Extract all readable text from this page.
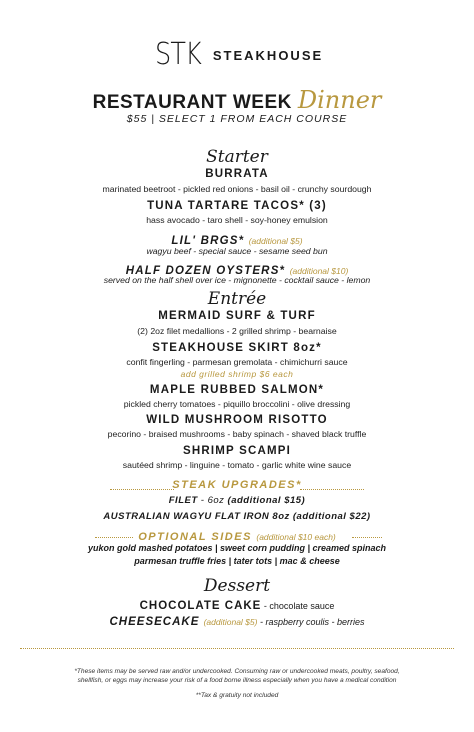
STK STEAKHOUSE
RESTAURANT WEEK Dinner
$55 | SELECT 1 FROM EACH COURSE
Starter
BURRATA
marinated beetroot - pickled red onions - basil oil - crunchy sourdough
TUNA TARTARE TACOS* (3)
hass avocado - taro shell - soy-honey emulsion
LIL' BRGS* (additional $5)
wagyu beef - special sauce - sesame seed bun
HALF DOZEN OYSTERS* (additional $10)
served on the half shell over ice - mignonette - cocktail sauce - lemon
Entrée
MERMAID SURF & TURF
(2) 2oz filet medallions - 2 grilled shrimp - bearnaise
STEAKHOUSE SKIRT 8oz*
confit fingerling - parmesan gremolata - chimichurri sauce
add grilled shrimp $6 each
MAPLE RUBBED SALMON*
pickled cherry tomatoes - piquillo broccolini - olive dressing
WILD MUSHROOM RISOTTO
pecorino - braised mushrooms - baby spinach - shaved black truffle
SHRIMP SCAMPI
sautéed shrimp - linguine - tomato - garlic white wine sauce
STEAK UPGRADES*
FILET - 6oz (additional $15)
AUSTRALIAN WAGYU FLAT IRON 8oz (additional $22)
OPTIONAL SIDES (additional $10 each)
yukon gold mashed potatoes | sweet corn pudding | creamed spinach
parmesan truffle fries | tater tots | mac & cheese
Dessert
CHOCOLATE CAKE - chocolate sauce
CHEESECAKE (additional $5) - raspberry coulis - berries
*These items may be served raw and/or undercooked. Consuming raw or undercooked meats, poultry, seafood,
shellfish, or eggs may increase your risk of a food borne illness especially when you have a medical condition
**Tax & gratuity not included
